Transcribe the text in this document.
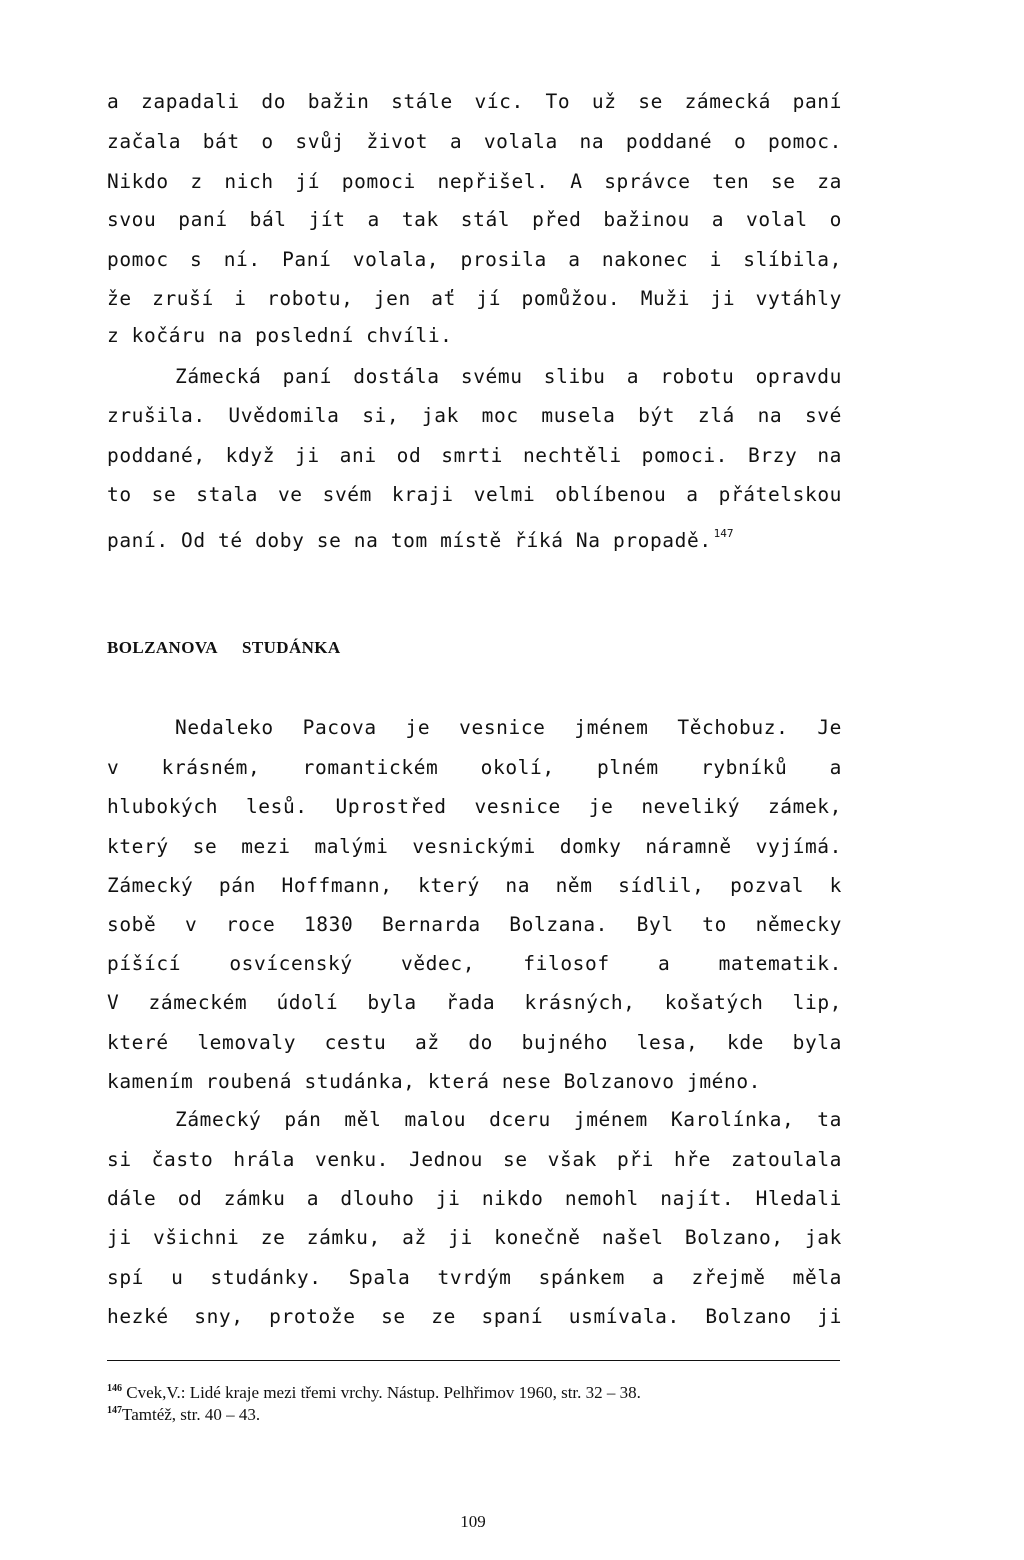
a zapadali do bažin stále víc. To už se zámecká paní
začala bát o svůj život a volala na poddané o pomoc.
Nikdo z nich jí pomoci nepřišel. A správce ten se za
svou paní bál jít a tak stál před bažinou a volal o
pomoc s ní. Paní volala, prosila a nakonec i slíbila,
že zruší i robotu, jen ať jí pomůžou. Muži ji vytáhly
z kočáru na poslední chvíli.
Zámecká paní dostála svému slibu a robotu opravdu
zrušila. Uvědomila si, jak moc musela být zlá na své
poddané, když ji ani od smrti nechtěli pomoci. Brzy na
to se stala ve svém kraji velmi oblíbenou a přátelskou
paní. Od té doby se na tom místě říká Na propadě. $^{147}$
BOLZANOVA STUDÁNKA
Nedaleko Pacova je vesnice jménem Těchobuz. Je
v krásném, romantickém okolí, plném rybníků a
hlubokých lesů. Uprostřed vesnice je neveliký zámek,
který se mezi malými vesnickými domky náramně vyjímá.
Zámecký pán Hoffmann, který na něm sídlil, pozval k
sobě v roce 1830 Bernarda Bolzana. Byl to německy
píšící osvícenský vědec, filosof a matematik.
V zámeckém údolí byla řada krásných, košatých lip,
které lemovaly cestu až do bujného lesa, kde byla
kamením roubená studánka, která nese Bolzanovo jméno.
Zámecký pán měl malou dceru jménem Karolínka, ta
si často hrála venku. Jednou se však při hře zatoulala
dále od zámku a dlouho ji nikdo nemohl najít. Hledali
ji všichni ze zámku, až ji konečně našel Bolzano, jak
spí u studánky. Spala tvrdým spánkem a zřejmě měla
hezké sny, protože se ze spaní usmívala. Bolzano ji
$^{146}$ Cvek,V.: Lidé kraje mezi třemi vrchy. Nástup. Pelhřimov 1960, str. 32 – 38.
$^{147}$Tamtéž, str. 40 – 43.
109
